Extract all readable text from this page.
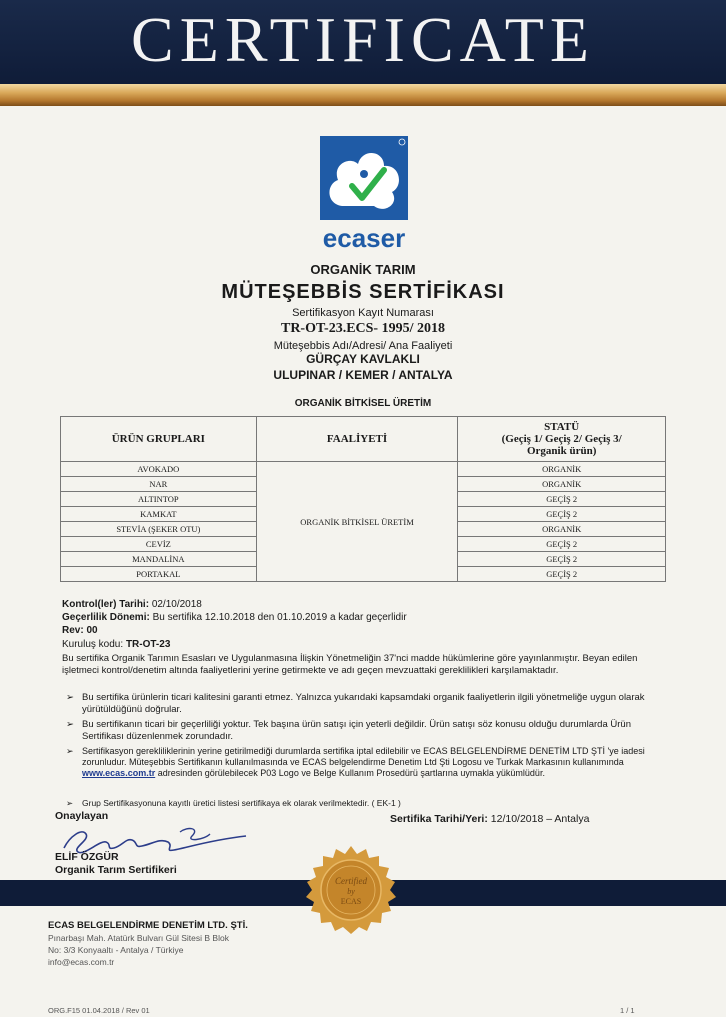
CERTIFICATE
ecaser
ORGANİK TARIM
MÜTEŞEBBİS SERTİFİKASI
Sertifikasyon Kayıt Numarası
TR-OT-23.ECS- 1995/ 2018
Müteşebbis Adı/Adresi/ Ana Faaliyeti
GÜRÇAY KAVLAKLI
ULUPINAR / KEMER / ANTALYA
ORGANİK BİTKİSEL ÜRETİM
ÜRÜN GRUPLARI	FAALİYETİ	STATÜ
(Geçiş 1/ Geçiş 2/ Geçiş 3/
Organik ürün)

AVOKADO	ORGANİK BİTKİSEL ÜRETİM	ORGANİK
NAR		ORGANİK
ALTINTOP		GEÇİŞ 2
KAMKAT		GEÇİŞ 2
STEVİA (ŞEKER OTU)		ORGANİK
CEVİZ		GEÇİŞ 2
MANDALİNA		GEÇİŞ 2
PORTAKAL		GEÇİŞ 2
Kontrol(ler) Tarihi: 02/10/2018
Geçerlilik Dönemi: Bu sertifika 12.10.2018 den 01.10.2019 a kadar geçerlidir
Rev: 00
Kuruluş kodu: TR-OT-23
Bu sertifika Organik Tarımın Esasları ve Uygulanmasına İlişkin Yönetmeliğin 37'nci madde hükümlerine göre yayınlanmıştır. Beyan edilen işletmeci kontrol/denetim altında faaliyetlerini yerine getirmekte ve adı geçen mevzuattaki gereklilikleri karşılamaktadır.
➢ Bu sertifika ürünlerin ticari kalitesini garanti etmez. Yalnızca yukarıdaki kapsamdaki organik faaliyetlerin ilgili yönetmeliğe uygun olarak yürütüldüğünü doğrular.
➢ Bu sertifikanın ticari bir geçerliliği yoktur. Tek başına ürün satışı için yeterli değildir. Ürün satışı söz konusu olduğu durumlarda Ürün Sertifikası düzenlenmek zorundadır.
➢ Sertifikasyon gerekliliklerinin yerine getirilmediği durumlarda sertifika iptal edilebilir ve ECAS BELGELENDİRME DENETİM LTD ŞTİ 'ye iadesi zorunludur. Müteşebbis Sertifikanın kullanılmasında ve ECAS belgelendirme Denetim Ltd Şti Logosu ve Turkak Markasının kullanımında www.ecas.com.tr adresinden görülebilecek P03 Logo ve Belge Kullanım Prosedürü şartlarına uymakla yükümlüdür.
➢ Grup Sertifikasyonuna kayıtlı üretici listesi sertifikaya ek olarak verilmektedir. ( EK-1 )
Onaylayan	Sertifika Tarihi/Yeri: 12/10/2018 – Antalya
ELİF ÖZGÜR
Organik Tarım Sertifikeri
Certified
by
ECAS
ECAS BELGELENDİRME DENETİM LTD. ŞTİ.
Pınarbaşı Mah. Atatürk Bulvarı Gül Sitesi B Blok
No: 3/3 Konyaaltı - Antalya / Türkiye
info@ecas.com.tr
ORG.F15 01.04.2018 / Rev 01	1 / 1
